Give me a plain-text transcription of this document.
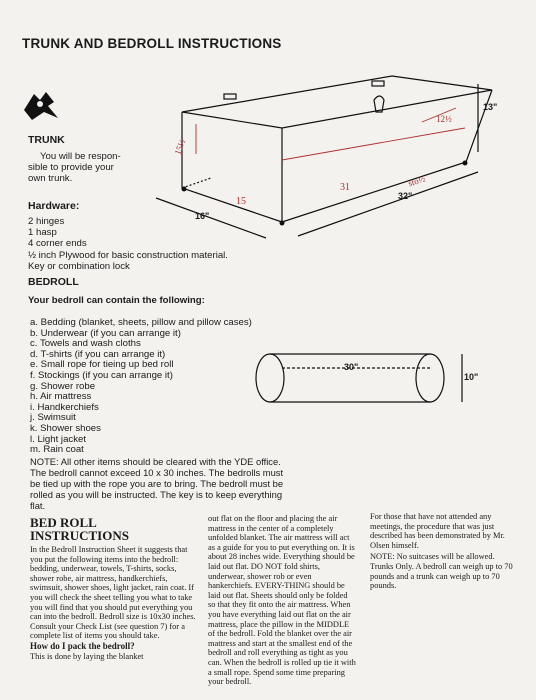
TRUNK AND BEDROLL INSTRUCTIONS
TRUNK
You will be respon-
sible to provide your
own trunk.
Hardware:
2 hinges
1 hasp
4 corner ends
½ inch Plywood for basic construction material.
Key or combination lock
13"
16"
32"
15½
15
31
12½
sto½
BEDROLL
Your bedroll can contain the following:
a. Bedding (blanket, sheets, pillow and pillow cases)
b. Underwear (if you can arrange it)
c. Towels and wash cloths
d. T-shirts (if you can arrange it)
e. Small rope for tieing up bed roll
f. Stockings (if you can arrange it)
g. Shower robe
h. Air mattress
i. Handkerchiefs
j. Swimsuit
k. Shower shoes
l. Light jacket
m. Rain coat
30"
10"
NOTE: All other items should be cleared with the YDE office. The bedroll cannot exceed 10 x 30 inches. The bedrolls must be tied up with the rope you are to bring. The bedroll must be rolled as you will be instructed. The key is to keep everything flat.
BED ROLL
INSTRUCTIONS
In the Bedroll Instruction Sheet it suggests that you put the following items into the bedroll: bedding, underwear, towels, T-shirts, socks, shower robe, air mattress, handkerchiefs, swimsuit, shower shoes, light jacket, rain coat. If you will check the sheet telling you what to take you will find that you should put everything you can into the bedroll. Bedroll size is 10x30 inches. Consult your Check List (see question 7) for a complete list of items you should take.
How do I pack the bedroll?
This is done by laying the blanket
out flat on the floor and placing the air mattress in the center of a completely unfolded blanket. The air mattress will act as a guide for you to put everything on. It is about 28 inches wide. Everything should be laid out flat. DO NOT fold shirts, underwear, shower rob or even hankerchiefs. EVERY-THING should be laid out flat. Sheets should only be folded so that they fit onto the air mattress. When you have everything laid out flat on the air mattress, place the pillow in the MIDDLE of the bedroll. Fold the blanket over the air mattress and start at the smallest end of the bedroll and roll everything as tight as you can. When the bedroll is rolled up tie it with a small rope. Spend some time preparing your bedroll.
For those that have not attended any meetings, the procedure that was just described has been demonstrated by Mr. Olsen himself.
NOTE: No suitcases will be allowed. Trunks Only. A bedroll can weigh up to 70 pounds and a trunk can weigh up to 70 pounds.
